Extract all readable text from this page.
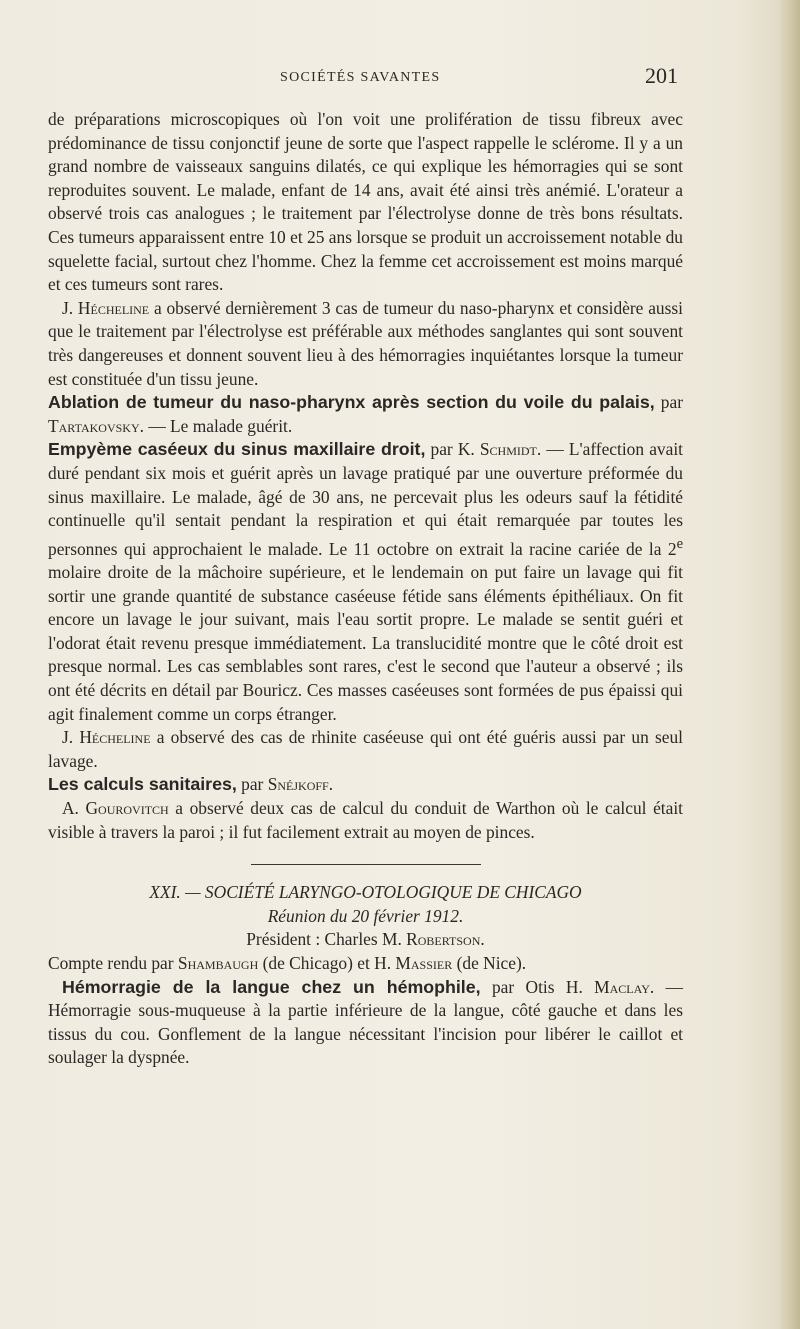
SOCIÉTÉS SAVANTES	201

de préparations microscopiques où l'on voit une prolifération de tissu fibreux avec prédominance de tissu conjonctif jeune de sorte que l'aspect rappelle le sclérome. Il y a un grand nombre de vaisseaux sanguins dilatés, ce qui explique les hémorragies qui se sont reproduites souvent. Le malade, enfant de 14 ans, avait été ainsi très anémié. L'orateur a observé trois cas analogues ; le traitement par l'électrolyse donne de très bons résultats. Ces tumeurs apparaissent entre 10 et 25 ans lorsque se produit un accroissement notable du squelette facial, surtout chez l'homme. Chez la femme cet accroissement est moins marqué et ces tumeurs sont rares.

J. Hécheline a observé dernièrement 3 cas de tumeur du naso-pharynx et considère aussi que le traitement par l'électrolyse est préférable aux méthodes sanglantes qui sont souvent très dangereuses et donnent souvent lieu à des hémorragies inquiétantes lorsque la tumeur est constituée d'un tissu jeune.

Ablation de tumeur du naso-pharynx après section du voile du palais, par Tartakovsky. — Le malade guérit.

Empyème caséeux du sinus maxillaire droit, par K. Schmidt. — L'affection avait duré pendant six mois et guérit après un lavage pratiqué par une ouverture préformée du sinus maxillaire. Le malade, âgé de 30 ans, ne percevait plus les odeurs sauf la fétidité continuelle qu'il sentait pendant la respiration et qui était remarquée par toutes les personnes qui approchaient le malade. Le 11 octobre on extrait la racine cariée de la 2e molaire droite de la mâchoire supérieure, et le lendemain on put faire un lavage qui fit sortir une grande quantité de substance caséeuse fétide sans éléments épithéliaux. On fit encore un lavage le jour suivant, mais l'eau sortit propre. Le malade se sentit guéri et l'odorat était revenu presque immédiatement. La translucidité montre que le côté droit est presque normal. Les cas semblables sont rares, c'est le second que l'auteur a observé ; ils ont été décrits en détail par Bouricz. Ces masses caséeuses sont formées de pus épaissi qui agit finalement comme un corps étranger.

J. Hécheline a observé des cas de rhinite caséeuse qui ont été guéris aussi par un seul lavage.

Les calculs sanitaires, par Snéjkoff.

A. Gourovitch a observé deux cas de calcul du conduit de Warthon où le calcul était visible à travers la paroi ; il fut facilement extrait au moyen de pinces.

XXI. — SOCIÉTÉ LARYNGO-OTOLOGIQUE DE CHICAGO

Réunion du 20 février 1912.

Président : Charles M. Robertson.

Compte rendu par Shambaugh (de Chicago) et H. Massier (de Nice).

Hémorragie de la langue chez un hémophile, par Otis H. Maclay. — Hémorragie sous-muqueuse à la partie inférieure de la langue, côté gauche et dans les tissus du cou. Gonflement de la langue nécessitant l'incision pour libérer le caillot et soulager la dyspnée.
